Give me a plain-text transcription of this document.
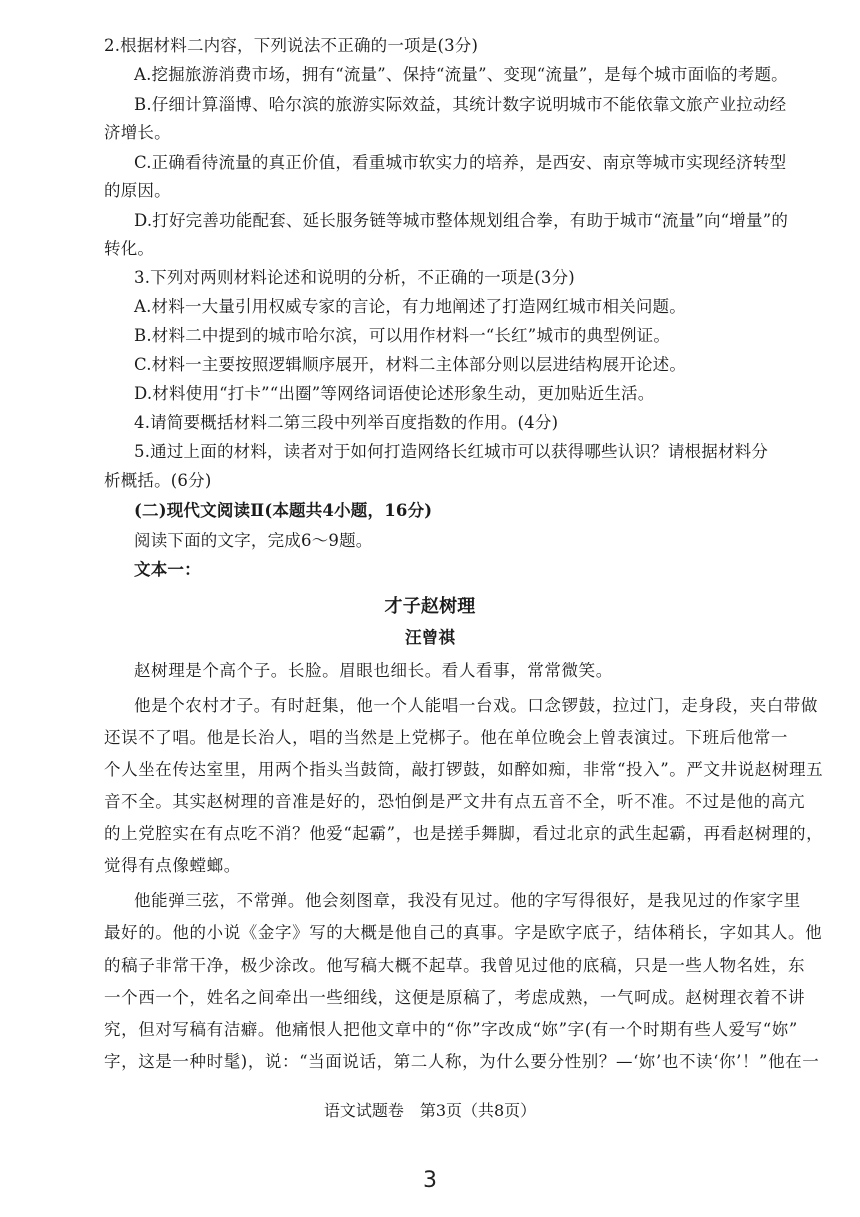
2.根据材料二内容，下列说法不正确的一项是(3分)
A.挖掘旅游消费市场，拥有“流量”、保持“流量”、变现“流量”，是每个城市面临的考题。
B.仔细计算淄博、哈尔滨的旅游实际效益，其统计数字说明城市不能依靠文旅产业拉动经
济增长。
C.正确看待流量的真正价值，看重城市软实力的培养，是西安、南京等城市实现经济转型
的原因。
D.打好完善功能配套、延长服务链等城市整体规划组合拳，有助于城市“流量”向“增量”的
转化。
3.下列对两则材料论述和说明的分析，不正确的一项是(3分)
A.材料一大量引用权威专家的言论，有力地阐述了打造网红城市相关问题。
B.材料二中提到的城市哈尔滨，可以用作材料一“长红”城市的典型例证。
C.材料一主要按照逻辑顺序展开，材料二主体部分则以层进结构展开论述。
D.材料使用“打卡”“出圈”等网络词语使论述形象生动，更加贴近生活。
4.请简要概括材料二第三段中列举百度指数的作用。(4分)
5.通过上面的材料，读者对于如何打造网络长红城市可以获得哪些认识？请根据材料分
析概括。(6分)
(二)现代文阅读Ⅱ(本题共4小题，16分)
阅读下面的文字，完成6～9题。
文本一：
才子赵树理
汪曾祺
赵树理是个高个子。长脸。眉眼也细长。看人看事，常常微笑。
他是个农村才子。有时赶集，他一个人能唱一台戏。口念锣鼓，拉过门，走身段，夹白带做
还误不了唱。他是长治人，唱的当然是上党梆子。他在单位晚会上曾表演过。下班后他常一
个人坐在传达室里，用两个指头当鼓筒，敲打锣鼓，如醉如痴，非常“投入”。严文井说赵树理五
音不全。其实赵树理的音准是好的，恐怕倒是严文井有点五音不全，听不准。不过是他的高亢
的上党腔实在有点吃不消？他爱“起霸”，也是搓手舞脚，看过北京的武生起霸，再看赵树理的，
觉得有点像螳螂。
他能弹三弦，不常弹。他会刻图章，我没有见过。他的字写得很好，是我见过的作家字里
最好的。他的小说《金字》写的大概是他自己的真事。字是欧字底子，结体稍长，字如其人。他
的稿子非常干净，极少涂改。他写稿大概不起草。我曾见过他的底稿，只是一些人物名姓，东
一个西一个，姓名之间牵出一些细线，这便是原稿了，考虑成熟，一气呵成。赵树理衣着不讲
究，但对写稿有洁癖。他痛恨人把他文章中的“你”字改成“妳”字(有一个时期有些人爱写“妳”
字，这是一种时髦)，说：“当面说话，第二人称，为什么要分性别？—‘妳’也不读‘你’！”他在一
语文试题卷　第3页（共8页）
3
